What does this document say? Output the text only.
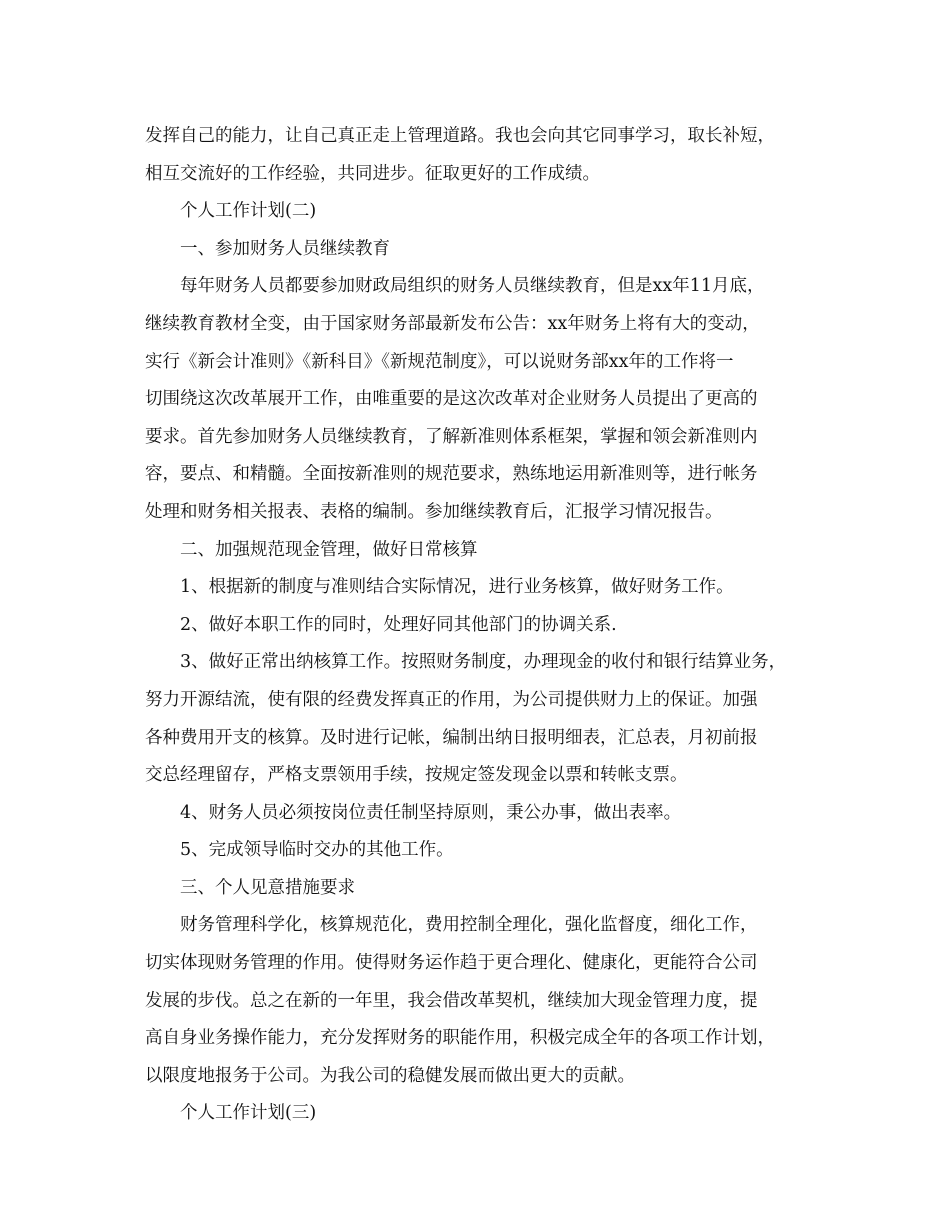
发挥自己的能力，让自己真正走上管理道路。我也会向其它同事学习，取长补短，
相互交流好的工作经验，共同进步。征取更好的工作成绩。
个人工作计划(二)
一、参加财务人员继续教育
每年财务人员都要参加财政局组织的财务人员继续教育，但是xx年11月底，
继续教育教材全变，由于国家财务部最新发布公告：xx年财务上将有大的变动，
实行《新会计准则》《新科目》《新规范制度》，可以说财务部xx年的工作将一
切围绕这次改革展开工作，由唯重要的是这次改革对企业财务人员提出了更高的
要求。首先参加财务人员继续教育，了解新准则体系框架，掌握和领会新准则内
容，要点、和精髓。全面按新准则的规范要求，熟练地运用新准则等，进行帐务
处理和财务相关报表、表格的编制。参加继续教育后，汇报学习情况报告。
二、加强规范现金管理，做好日常核算
1、根据新的制度与准则结合实际情况，进行业务核算，做好财务工作。
2、做好本职工作的同时，处理好同其他部门的协调关系.
3、做好正常出纳核算工作。按照财务制度，办理现金的收付和银行结算业务，
努力开源结流，使有限的经费发挥真正的作用，为公司提供财力上的保证。加强
各种费用开支的核算。及时进行记帐，编制出纳日报明细表，汇总表，月初前报
交总经理留存，严格支票领用手续，按规定签发现金以票和转帐支票。
4、财务人员必须按岗位责任制坚持原则，秉公办事，做出表率。
5、完成领导临时交办的其他工作。
三、个人见意措施要求
财务管理科学化，核算规范化，费用控制全理化，强化监督度，细化工作，
切实体现财务管理的作用。使得财务运作趋于更合理化、健康化，更能符合公司
发展的步伐。总之在新的一年里，我会借改革契机，继续加大现金管理力度，提
高自身业务操作能力，充分发挥财务的职能作用，积极完成全年的各项工作计划，
以限度地报务于公司。为我公司的稳健发展而做出更大的贡献。
个人工作计划(三)
